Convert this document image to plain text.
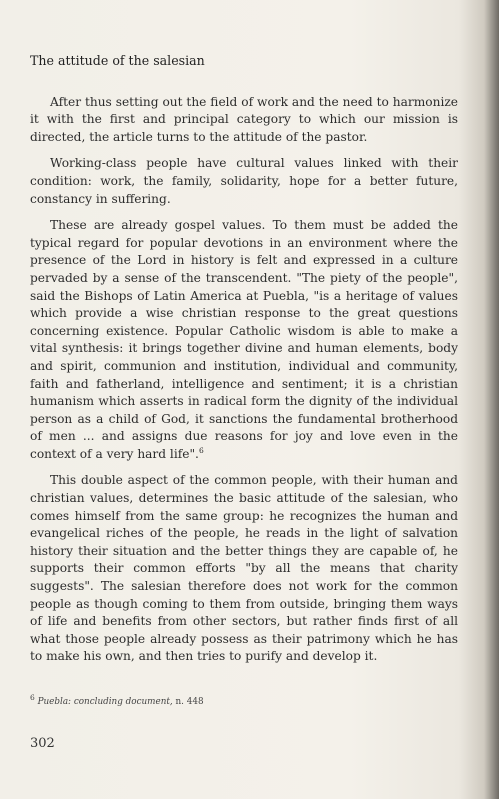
The attitude of the salesian

After thus setting out the field of work and the need to harmonize it with the first and principal category to which our mission is directed, the article turns to the attitude of the pastor.

Working-class people have cultural values linked with their condition: work, the family, solidarity, hope for a better future, constancy in suffering.

These are already gospel values. To them must be added the typical regard for popular devotions in an environment where the presence of the Lord in history is felt and expressed in a culture pervaded by a sense of the transcendent. "The piety of the people", said the Bishops of Latin America at Puebla, "is a heritage of values which provide a wise christian response to the great questions concerning existence. Popular Catholic wisdom is able to make a vital synthesis: it brings together divine and human elements, body and spirit, communion and institution, individual and community, faith and fatherland, intelligence and sentiment; it is a christian humanism which asserts in radical form the dignity of the individual person as a child of God, it sanctions the fundamental brotherhood of men ... and assigns due reasons for joy and love even in the context of a very hard life".$^6$

This double aspect of the common people, with their human and christian values, determines the basic attitude of the salesian, who comes himself from the same group: he recognizes the human and evangelical riches of the people, he reads in the light of salvation history their situation and the better things they are capable of, he supports their common efforts "by all the means that charity suggests". The salesian therefore does not work for the common people as though coming to them from outside, bringing them ways of life and benefits from other sectors, but rather finds first of all what those people already possess as their patrimony which he has to make his own, and then tries to purify and develop it.

$^6$ Puebla: concluding document, n. 448
302
